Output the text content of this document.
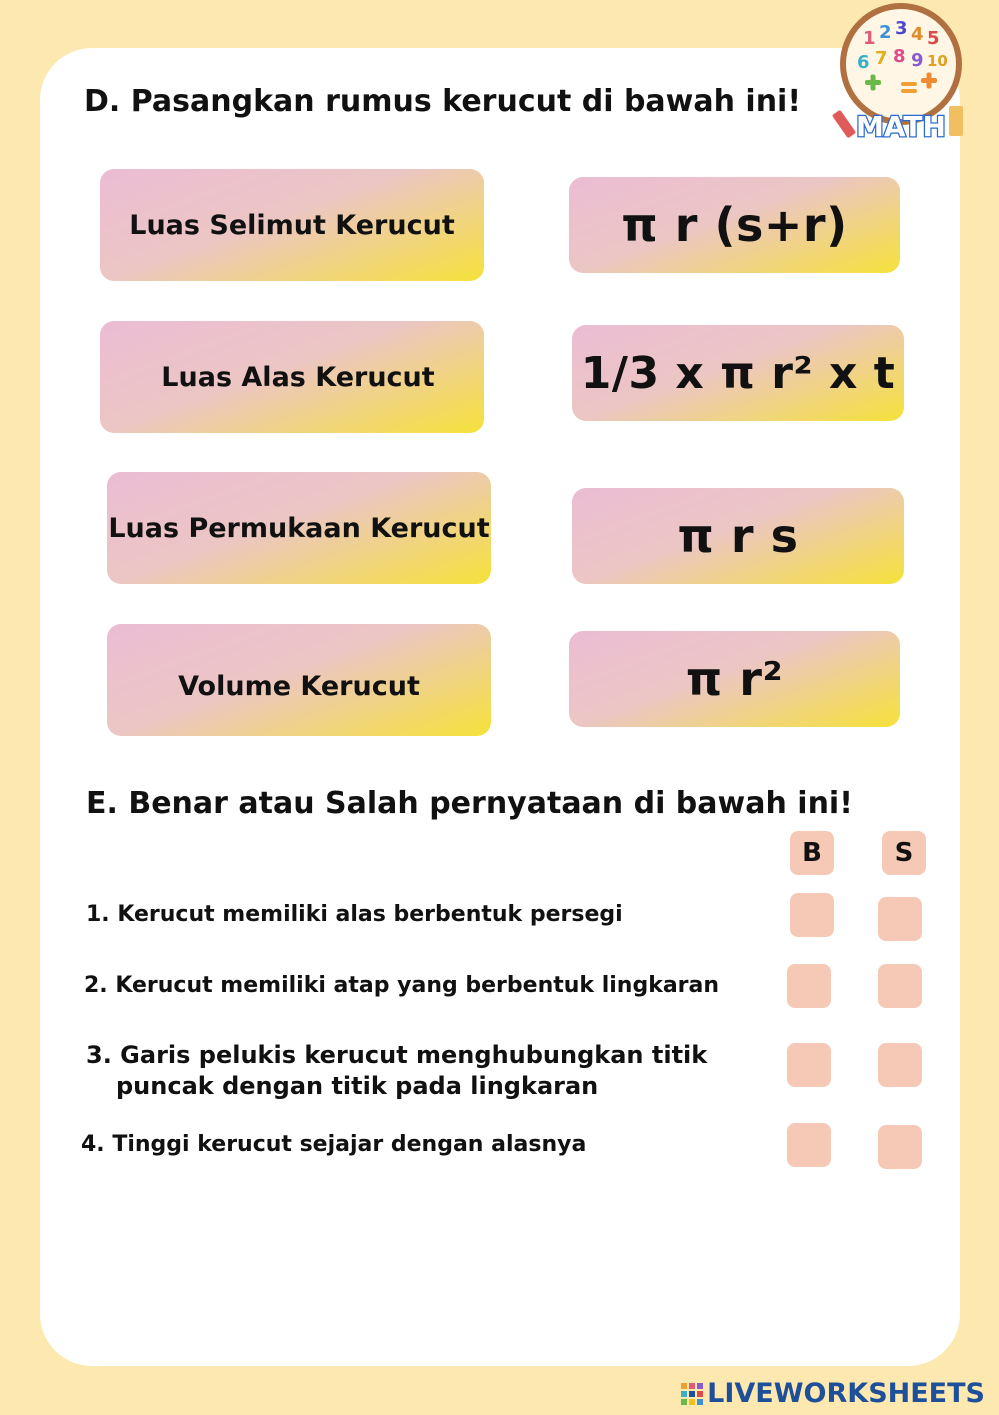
1 2 3 4 5
6 7 8 9 10
MATH
D. Pasangkan rumus kerucut di bawah ini!
Luas Selimut Kerucut
Luas Alas Kerucut
Luas Permukaan Kerucut
Volume Kerucut
π r (s+r)
1/3 x π r² x t
π r s
π r²
E. Benar atau Salah pernyataan di bawah ini!
B	S
1. Kerucut memiliki alas berbentuk persegi
2. Kerucut memiliki atap yang berbentuk lingkaran
3. Garis pelukis kerucut menghubungkan titik
puncak dengan titik pada lingkaran
4. Tinggi kerucut sejajar dengan alasnya
LIVEWORKSHEETS
